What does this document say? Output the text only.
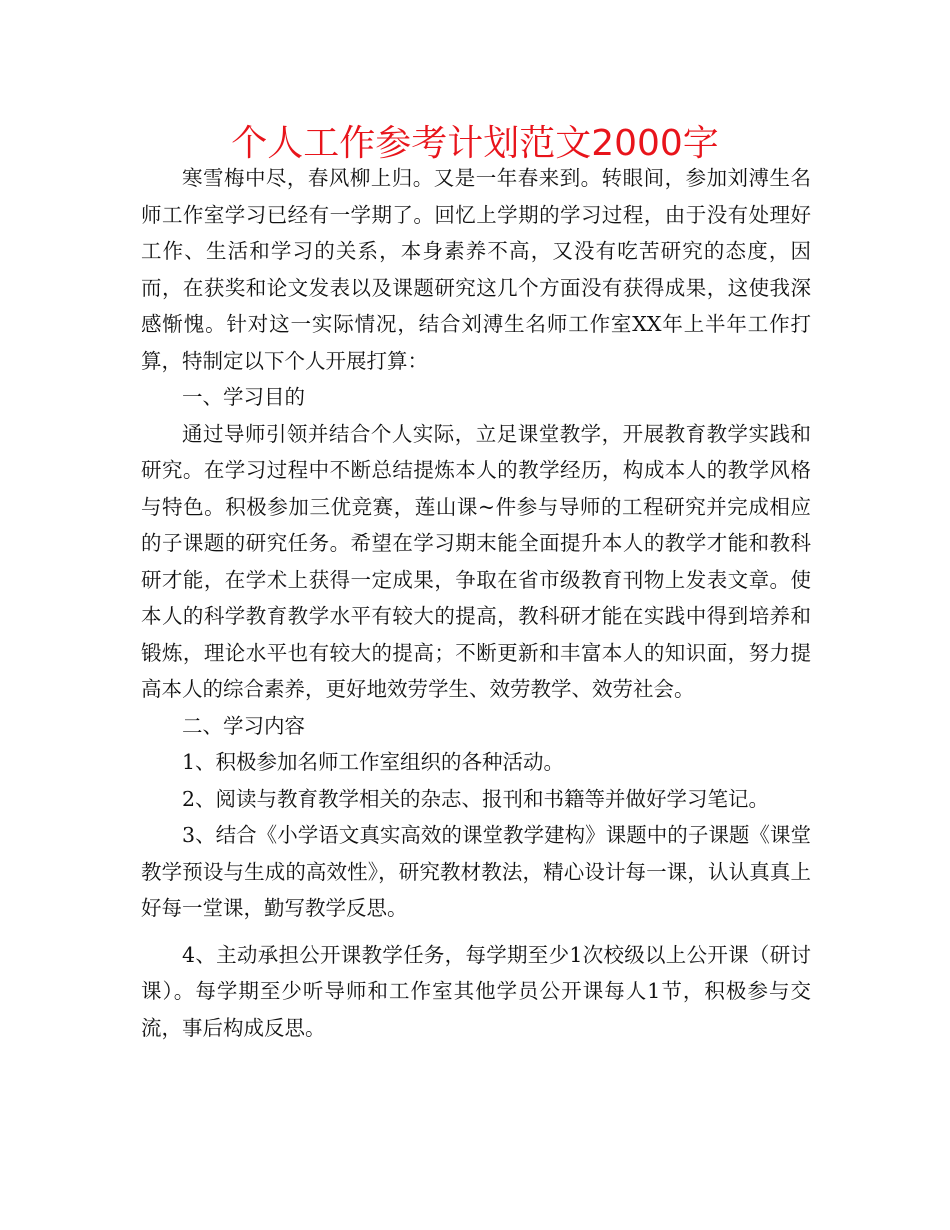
个人工作参考计划范文2000字

寒雪梅中尽，春风柳上归。又是一年春来到。转眼间，参加刘溥生名师工作室学习已经有一学期了。回忆上学期的学习过程，由于没有处理好工作、生活和学习的关系，本身素养不高，又没有吃苦研究的态度，因而，在获奖和论文发表以及课题研究这几个方面没有获得成果，这使我深感惭愧。针对这一实际情况，结合刘溥生名师工作室XX年上半年工作打算，特制定以下个人开展打算：

一、学习目的

通过导师引领并结合个人实际，立足课堂教学，开展教育教学实践和研究。在学习过程中不断总结提炼本人的教学经历，构成本人的教学风格与特色。积极参加三优竞赛，莲山课~件参与导师的工程研究并完成相应的子课题的研究任务。希望在学习期末能全面提升本人的教学才能和教科研才能，在学术上获得一定成果，争取在省市级教育刊物上发表文章。使本人的科学教育教学水平有较大的提高，教科研才能在实践中得到培养和锻炼，理论水平也有较大的提高；不断更新和丰富本人的知识面，努力提高本人的综合素养，更好地效劳学生、效劳教学、效劳社会。

二、学习内容

1、积极参加名师工作室组织的各种活动。

2、阅读与教育教学相关的杂志、报刊和书籍等并做好学习笔记。

3、结合《小学语文真实高效的课堂教学建构》课题中的子课题《课堂教学预设与生成的高效性》，研究教材教法，精心设计每一课，认认真真上好每一堂课，勤写教学反思。

4、主动承担公开课教学任务，每学期至少1次校级以上公开课（研讨课）。每学期至少听导师和工作室其他学员公开课每人1节，积极参与交流，事后构成反思。
